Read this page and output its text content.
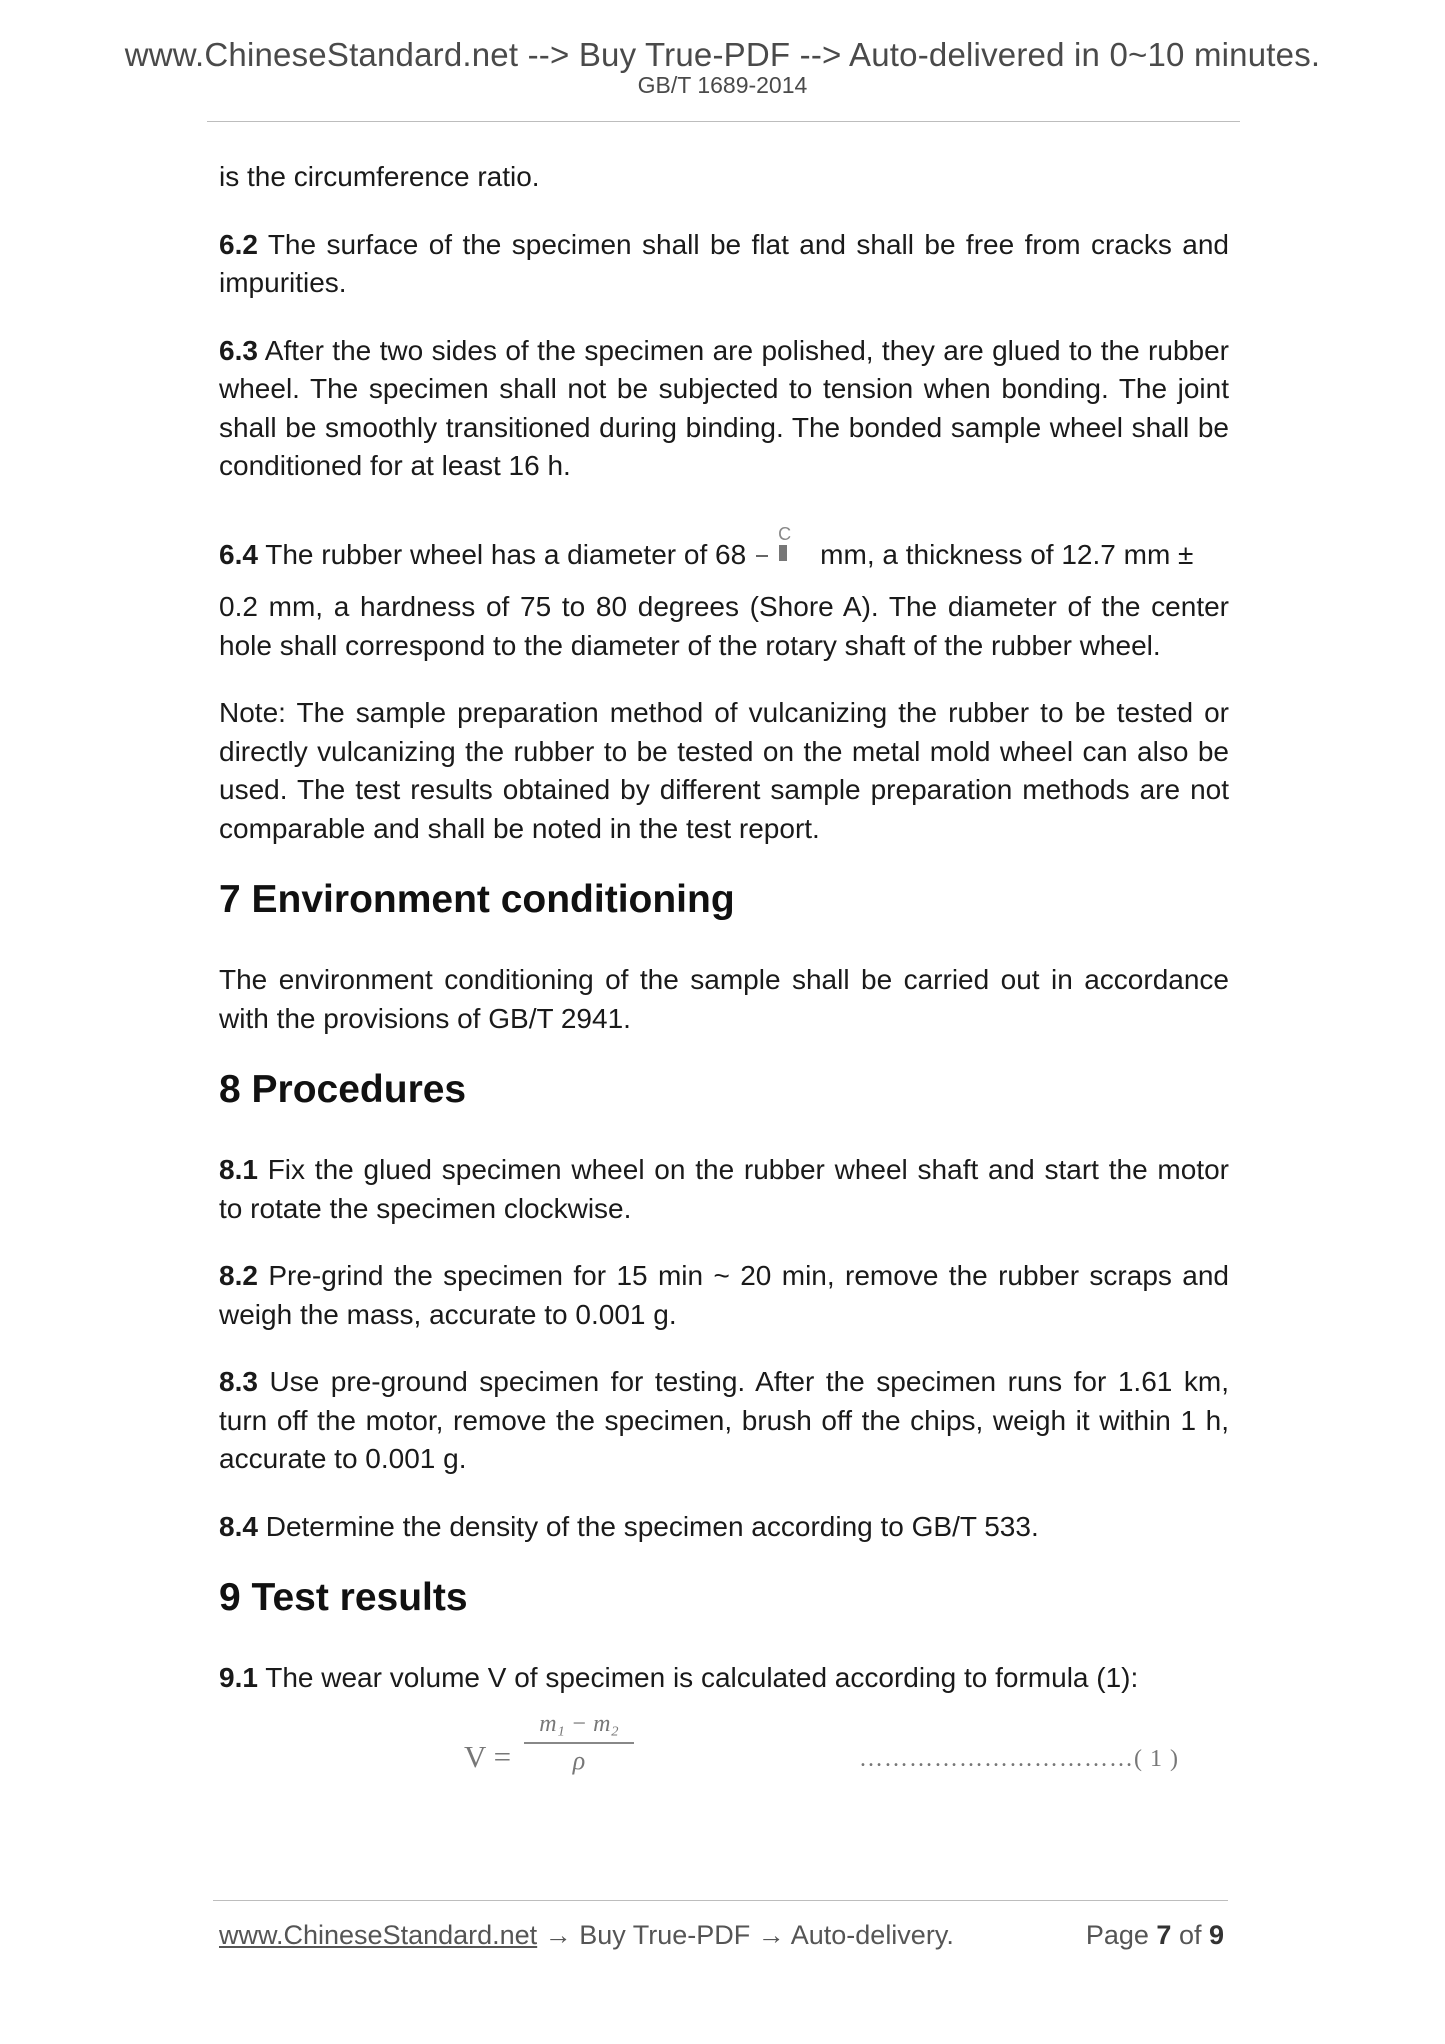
www.ChineseStandard.net --> Buy True-PDF --> Auto-delivered in 0~10 minutes.
GB/T 1689-2014

is the circumference ratio.

6.2 The surface of the specimen shall be flat and shall be free from cracks and impurities.

6.3 After the two sides of the specimen are polished, they are glued to the rubber wheel. The specimen shall not be subjected to tension when bonding. The joint shall be smoothly transitioned during binding. The bonded sample wheel shall be conditioned for at least 16 h.

6.4 The rubber wheel has a diameter of 68
C
mm, a thickness of 12.7 mm ±

0.2 mm, a hardness of 75 to 80 degrees (Shore A). The diameter of the center hole shall correspond to the diameter of the rotary shaft of the rubber wheel.

Note: The sample preparation method of vulcanizing the rubber to be tested or directly vulcanizing the rubber to be tested on the metal mold wheel can also be used. The test results obtained by different sample preparation methods are not comparable and shall be noted in the test report.

7 Environment conditioning

The environment conditioning of the sample shall be carried out in accordance with the provisions of GB/T 2941.

8 Procedures

8.1 Fix the glued specimen wheel on the rubber wheel shaft and start the motor to rotate the specimen clockwise.

8.2 Pre-grind the specimen for 15 min ~ 20 min, remove the rubber scraps and weigh the mass, accurate to 0.001 g.

8.3 Use pre-ground specimen for testing. After the specimen runs for 1.61 km, turn off the motor, remove the specimen, brush off the chips, weigh it within 1 h, accurate to 0.001 g.

8.4 Determine the density of the specimen according to GB/T 533.

9 Test results

9.1 The wear volume V of specimen is calculated according to formula (1):

$V = \frac{\text{m₁ − m₂}}{\rho}$	……………………………( 1 )
www.ChineseStandard.net → Buy True-PDF → Auto-delivery.	Page 7 of 9
